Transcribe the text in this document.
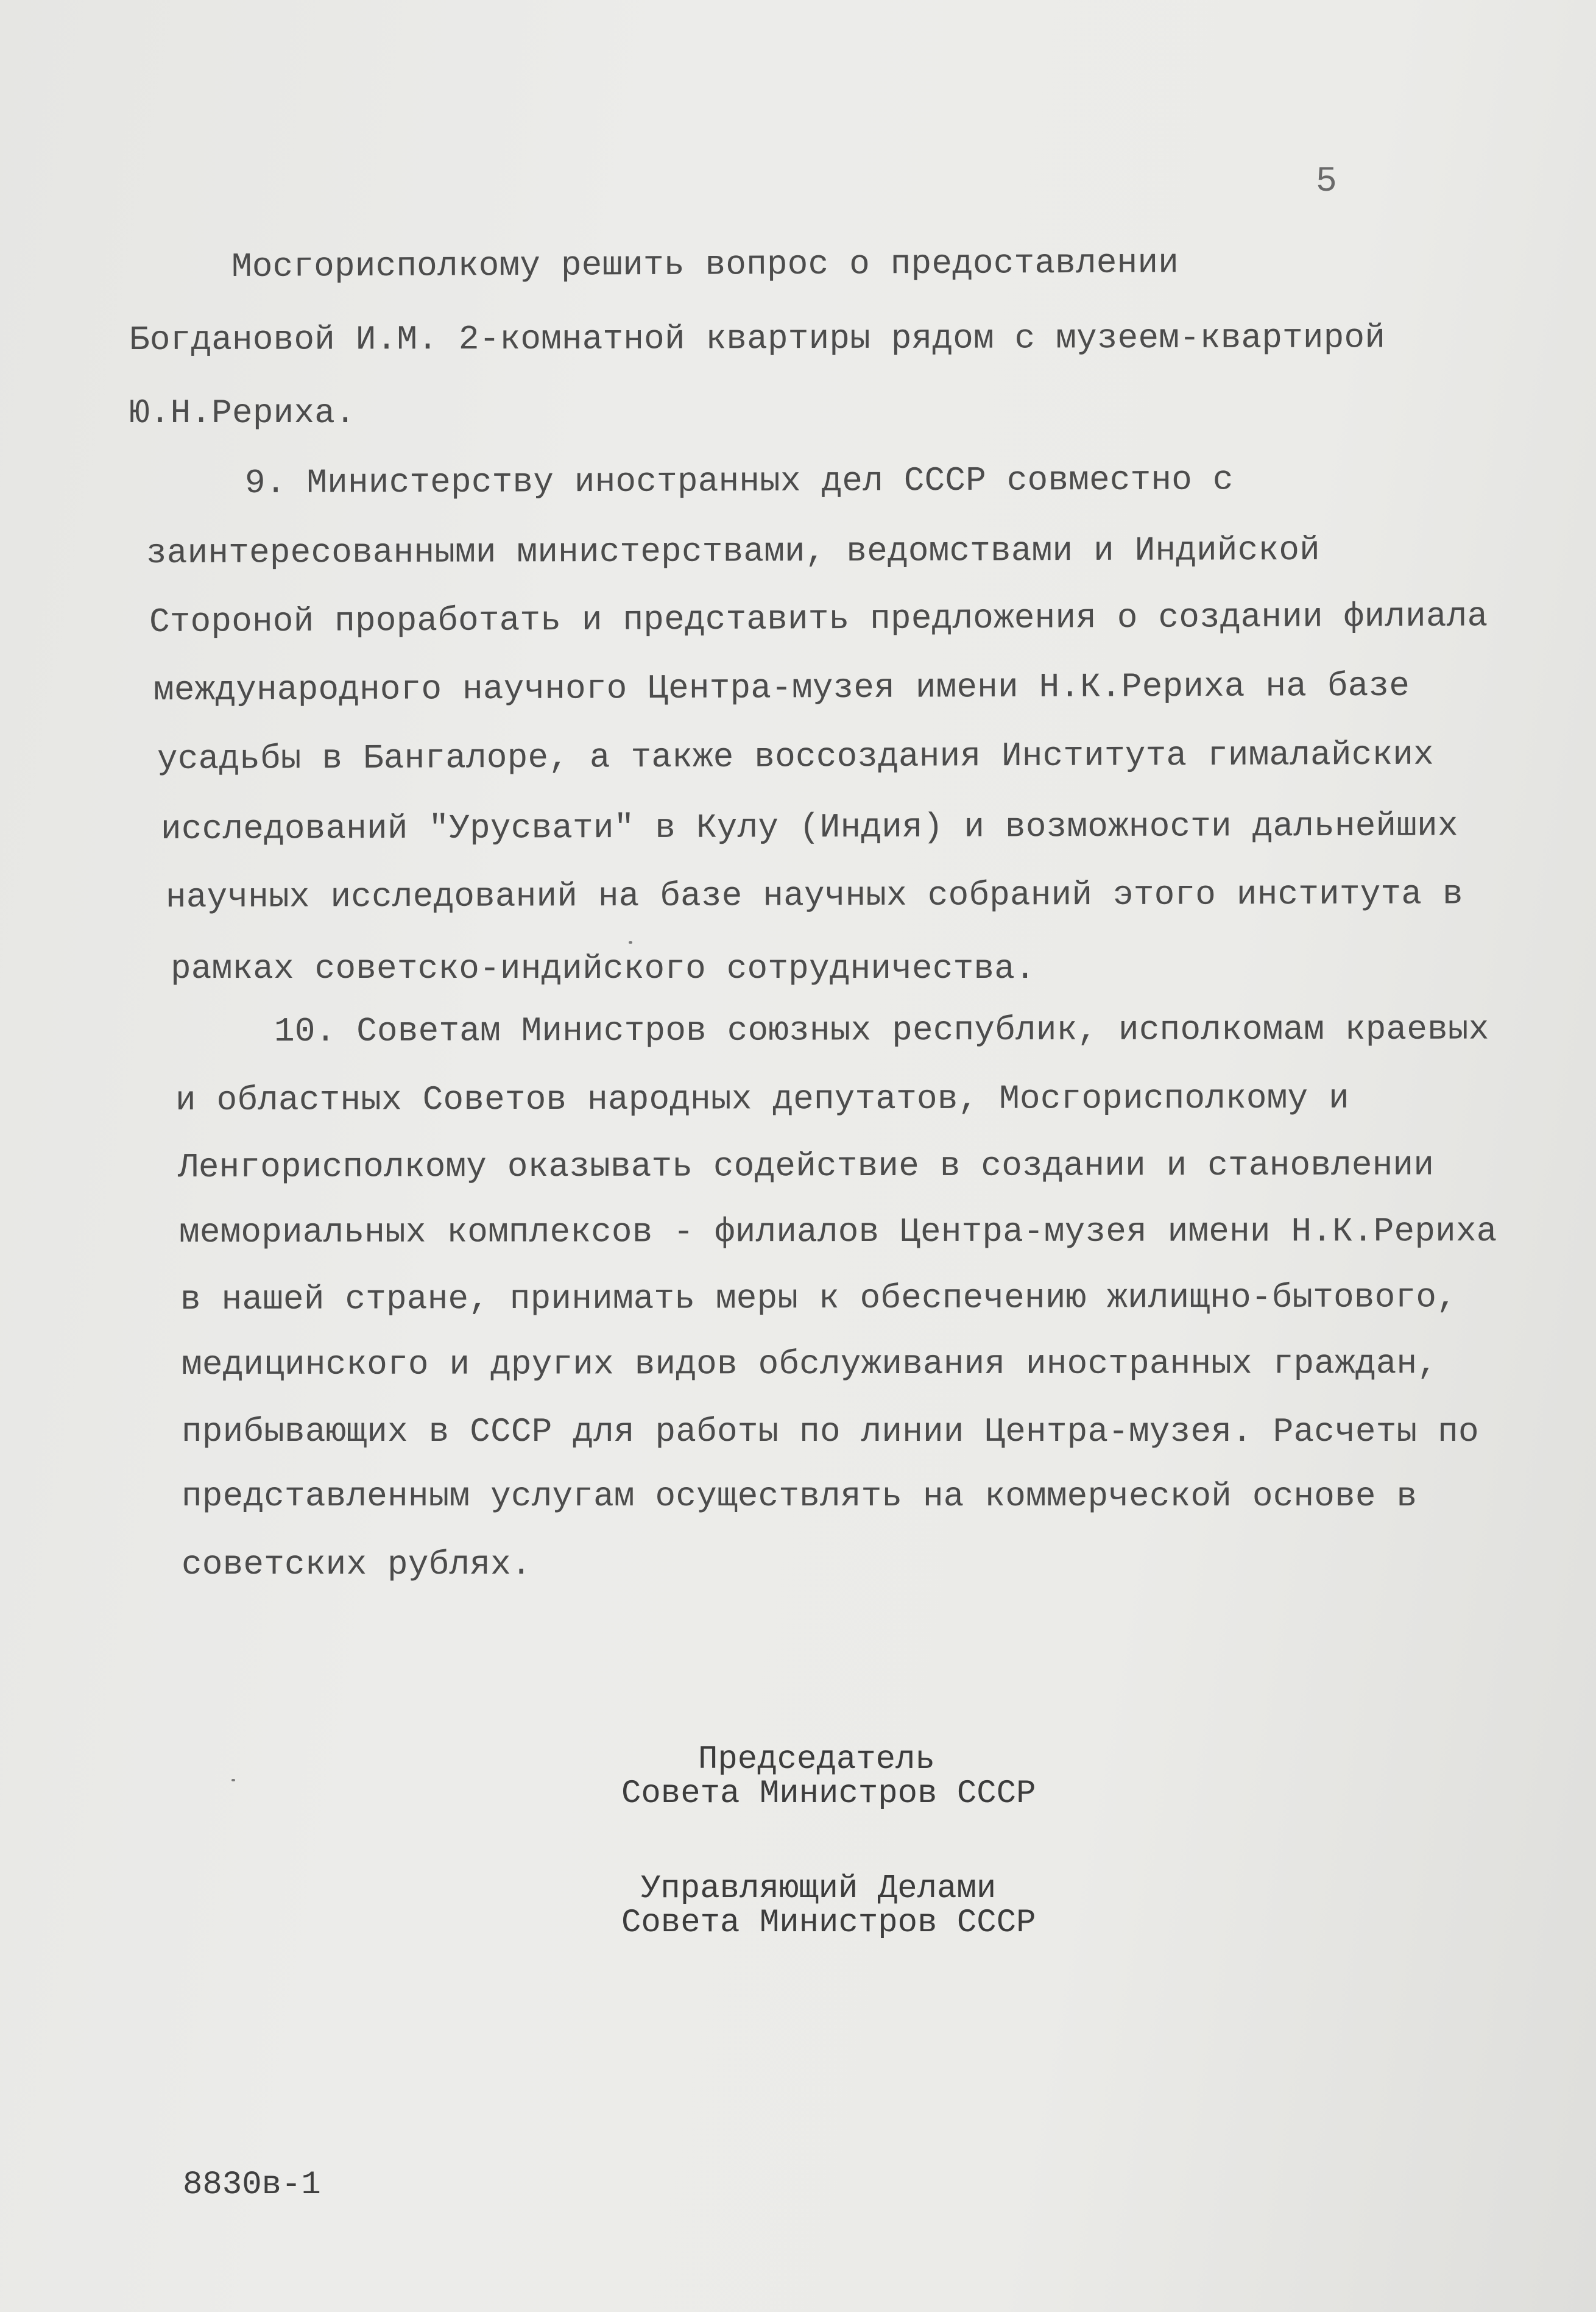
5
Мосгорисполкому решить вопрос о предоставлении
Богдановой И.М. 2-комнатной квартиры рядом с музеем-квартирой
Ю.Н.Рериха.
9. Министерству иностранных дел СССР совместно с
заинтересованными министерствами, ведомствами и Индийской
Стороной проработать и представить предложения о создании филиала
международного научного Центра-музея имени Н.К.Рериха на базе
усадьбы в Бангалоре, а также воссоздания Института гималайских
исследований "Урусвати" в Кулу (Индия) и возможности дальнейших
научных исследований на базе научных собраний этого института в
рамках советско-индийского сотрудничества.
10. Советам Министров союзных республик, исполкомам краевых
и областных Советов народных депутатов, Мосгорисполкому и
Ленгорисполкому оказывать содействие в создании и становлении
мемориальных комплексов - филиалов Центра-музея имени Н.К.Рериха
в нашей стране, принимать меры к обеспечению жилищно-бытового,
медицинского и других видов обслуживания иностранных граждан,
прибывающих в СССР для работы по линии Центра-музея. Расчеты по
представленным услугам осуществлять на коммерческой основе в
советских рублях.
Председатель
Совета Министров СССР
Управляющий Делами
Совета Министров СССР
8830в-1
